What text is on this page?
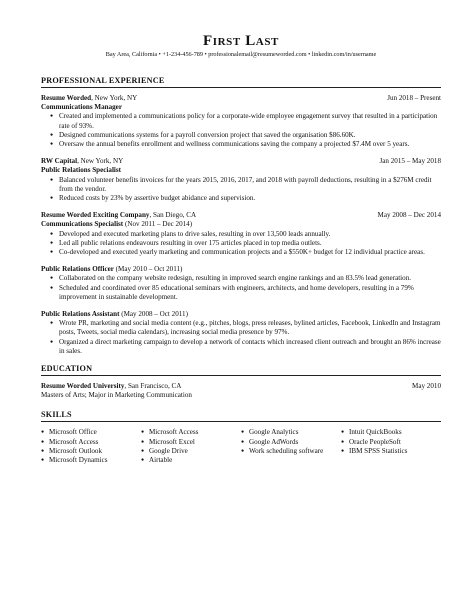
First Last
Bay Area, California • +1-234-456-789 • professionalemail@resumeworded.com • linkedin.com/in/username
PROFESSIONAL EXPERIENCE
Resume Worded, New York, NY	Jun 2018 – Present
Communications Manager
● Created and implemented a communications policy for a corporate-wide employee engagement survey that resulted in a participation rate of 93%.
● Designed communications systems for a payroll conversion project that saved the organisation $86.60K.
● Oversaw the annual benefits enrollment and wellness communications saving the company a projected $7.4M over 5 years.
RW Capital, New York, NY	Jan 2015 – May 2018
Public Relations Specialist
● Balanced volunteer benefits invoices for the years 2015, 2016, 2017, and 2018 with payroll deductions, resulting in a $276M credit from the vendor.
● Reduced costs by 23% by assertive budget abidance and supervision.
Resume Worded Exciting Company, San Diego, CA	May 2008 – Dec 2014
Communications Specialist (Nov 2011 – Dec 2014)
● Developed and executed marketing plans to drive sales, resulting in over 13,500 leads annually.
● Led all public relations endeavours resulting in over 175 articles placed in top media outlets.
● Co-developed and executed yearly marketing and communication projects and a $550K+ budget for 12 individual practice areas.
Public Relations Officer (May 2010 – Oct 2011)
● Collaborated on the company website redesign, resulting in improved search engine rankings and an 83.5% lead generation.
● Scheduled and coordinated over 85 educational seminars with engineers, architects, and home developers, resulting in a 79% improvement in sustainable development.
Public Relations Assistant (May 2008 – Oct 2011)
● Wrote PR, marketing and social media content (e.g., pitches, blogs, press releases, bylined articles, Facebook, LinkedIn and Instagram posts, Tweets, social media calendars), increasing social media presence by 97%.
● Organized a direct marketing campaign to develop a network of contacts which increased client outreach and brought an 86% increase in sales.
EDUCATION
Resume Worded University, San Francisco, CA	May 2010
Masters of Arts; Major in Marketing Communication
SKILLS
● Microsoft Office
● Microsoft Access
● Microsoft Outlook
● Microsoft Dynamics
● Microsoft Access
● Microsoft Excel
● Google Drive
● Airtable
● Google Analytics
● Google AdWords
● Work scheduling software
● Intuit QuickBooks
● Oracle PeopleSoft
● IBM SPSS Statistics
